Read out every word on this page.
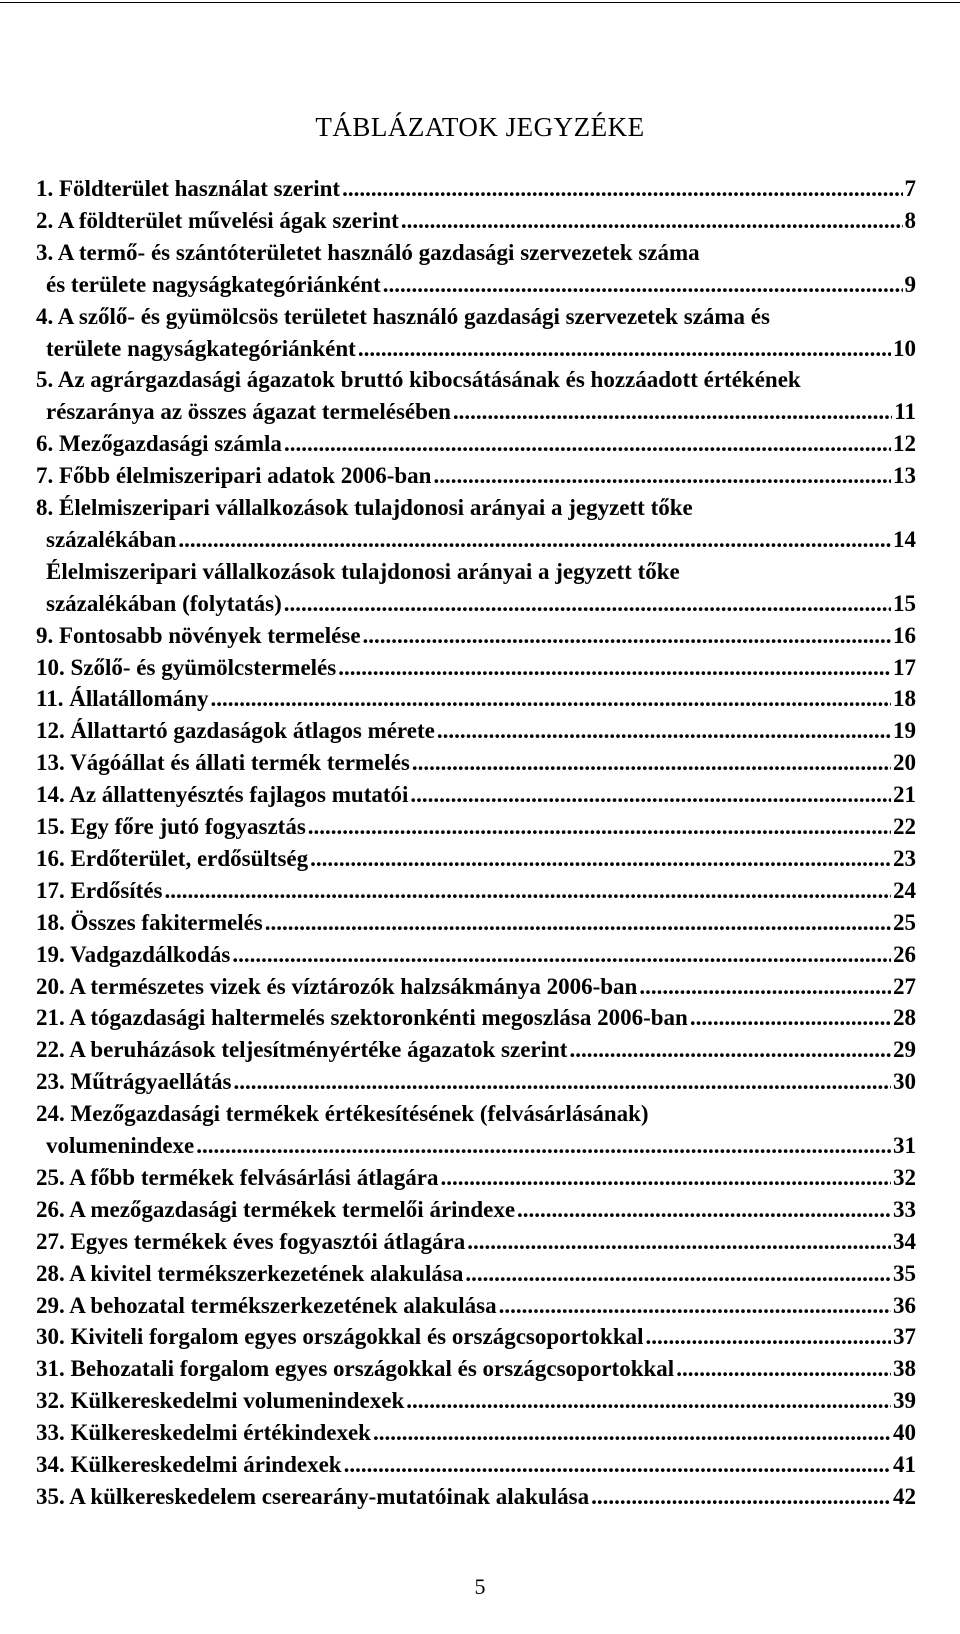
TÁBLÁZATOK JEGYZÉKE
1. Földterület használat szerint .....	7
2. A földterület művelési ágak szerint .....	8
3. A termő- és szántóterületet használó gazdasági szervezetek száma
és területe nagyságkategóriánként .....	9
4. A szőlő- és gyümölcsös területet használó gazdasági szervezetek száma és
területe nagyságkategóriánként .....	10
5. Az agrárgazdasági ágazatok bruttó kibocsátásának és hozzáadott értékének
részaránya az összes ágazat termelésében .....	11
6. Mezőgazdasági számla .....	12
7. Főbb élelmiszeripari adatok 2006-ban .....	13
8. Élelmiszeripari vállalkozások tulajdonosi arányai a jegyzett tőke
százalékában .....	14
Élelmiszeripari vállalkozások tulajdonosi arányai a jegyzett tőke
százalékában (folytatás) .....	15
9. Fontosabb növények termelése .....	16
10. Szőlő- és gyümölcstermelés .....	17
11. Állatállomány .....	18
12. Állattartó gazdaságok átlagos mérete .....	19
13. Vágóállat és állati termék termelés .....	20
14. Az állattenyésztés fajlagos mutatói .....	21
15. Egy főre jutó fogyasztás .....	22
16. Erdőterület, erdősültség .....	23
17. Erdősítés .....	24
18. Összes fakitermelés .....	25
19. Vadgazdálkodás .....	26
20. A természetes vizek és víztározók halzsákmánya 2006-ban .....	27
21. A tógazdasági haltermelés szektoronkénti megoszlása 2006-ban .....	28
22. A beruházások teljesítményértéke ágazatok szerint .....	29
23. Műtrágyaellátás .....	30
24. Mezőgazdasági termékek értékesítésének (felvásárlásának)
volumenindexe .....	31
25. A főbb termékek felvásárlási átlagára .....	32
26. A mezőgazdasági termékek termelői árindexe .....	33
27. Egyes termékek éves fogyasztói átlagára .....	34
28. A kivitel termékszerkezetének alakulása .....	35
29. A behozatal termékszerkezetének alakulása .....	36
30. Kiviteli forgalom egyes országokkal és országcsoportokkal .....	37
31. Behozatali forgalom egyes országokkal és országcsoportokkal .....	38
32. Külkereskedelmi volumenindexek .....	39
33. Külkereskedelmi értékindexek .....	40
34. Külkereskedelmi árindexek .....	41
35. A külkereskedelem cserearány-mutatóinak alakulása .....	42
5
